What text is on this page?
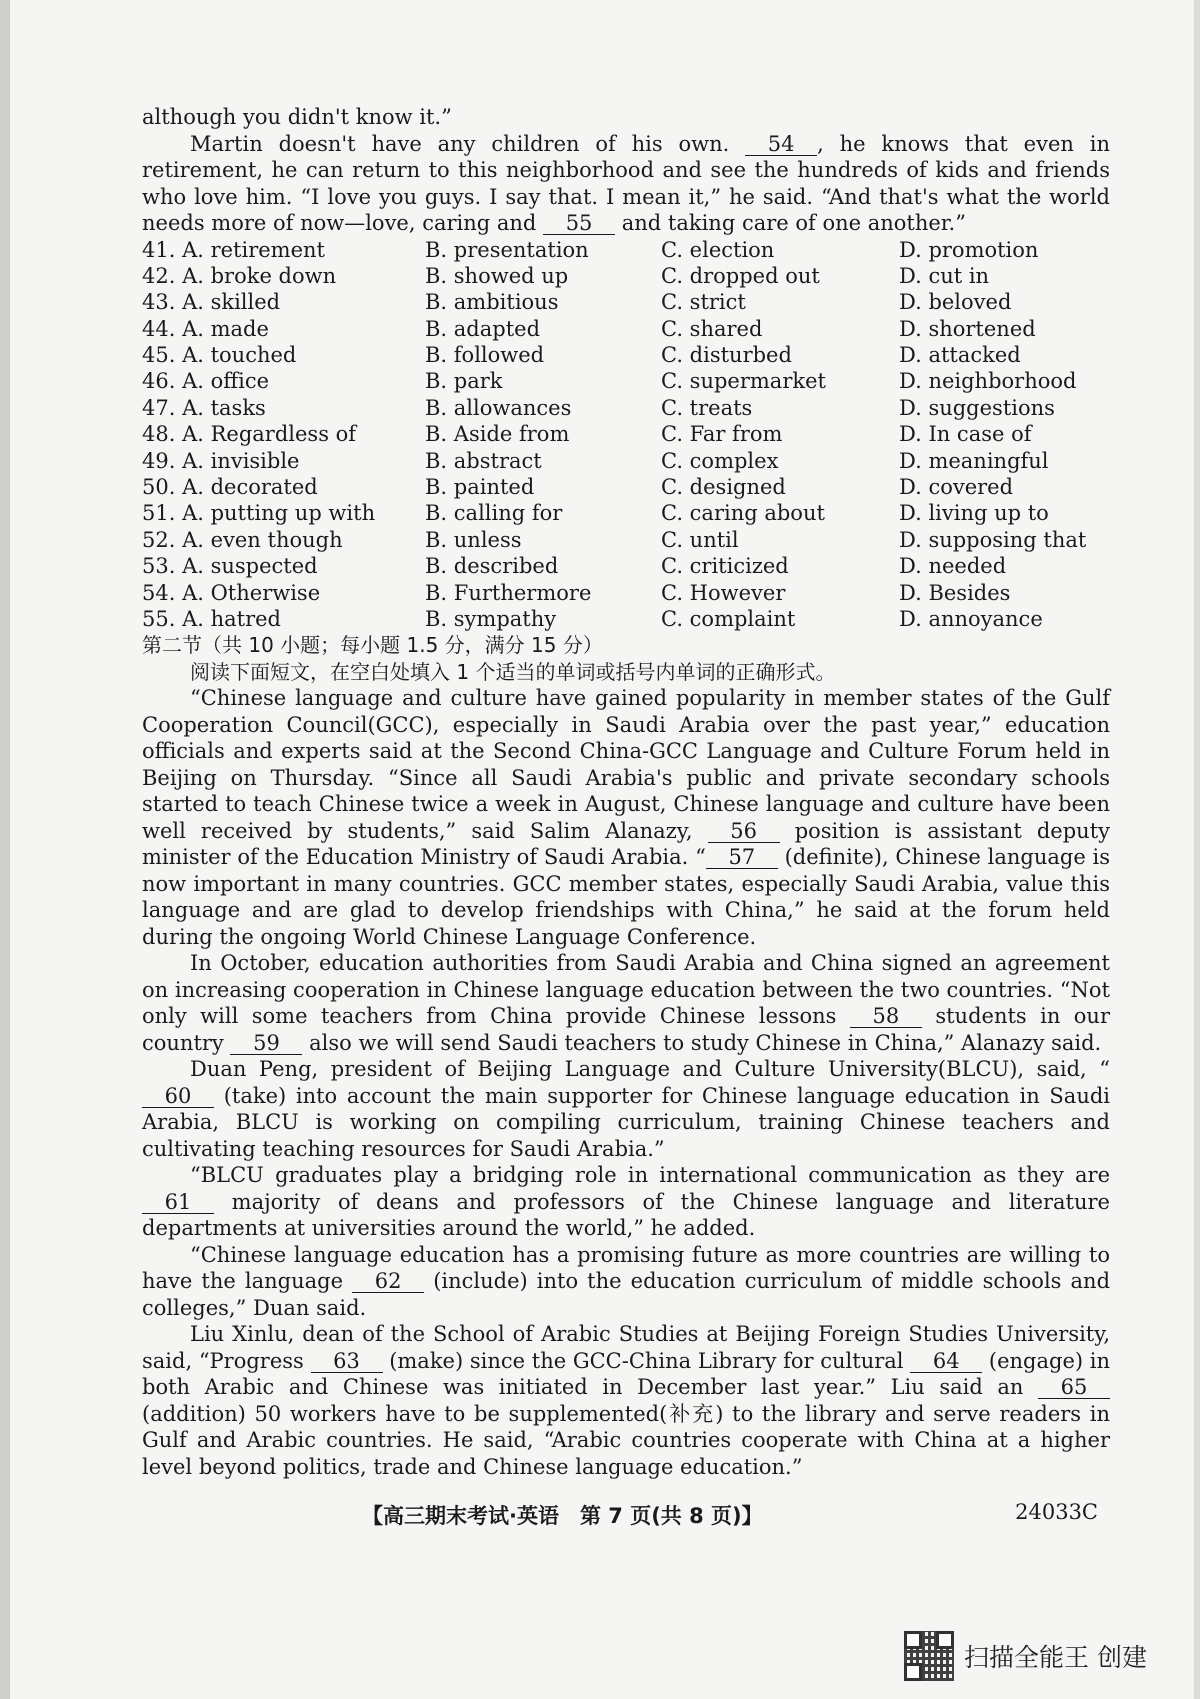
although you didn't know it.”

Martin doesn't have any children of his own. 54 , he knows that even in retirement, he can return to this neighborhood and see the hundreds of kids and friends who love him. “I love you guys. I say that. I mean it,” he said. “And that's what the world needs more of now—love, caring and 55 and taking care of one another.”

41. A. retirement	B. presentation	C. election	D. promotion
42. A. broke down	B. showed up	C. dropped out	D. cut in
43. A. skilled	B. ambitious	C. strict	D. beloved
44. A. made	B. adapted	C. shared	D. shortened
45. A. touched	B. followed	C. disturbed	D. attacked
46. A. office	B. park	C. supermarket	D. neighborhood
47. A. tasks	B. allowances	C. treats	D. suggestions
48. A. Regardless of	B. Aside from	C. Far from	D. In case of
49. A. invisible	B. abstract	C. complex	D. meaningful
50. A. decorated	B. painted	C. designed	D. covered
51. A. putting up with	B. calling for	C. caring about	D. living up to
52. A. even though	B. unless	C. until	D. supposing that
53. A. suspected	B. described	C. criticized	D. needed
54. A. Otherwise	B. Furthermore	C. However	D. Besides
55. A. hatred	B. sympathy	C. complaint	D. annoyance

第二节（共 10 小题；每小题 1.5 分，满分 15 分）

阅读下面短文，在空白处填入 1 个适当的单词或括号内单词的正确形式。

“Chinese language and culture have gained popularity in member states of the Gulf Cooperation Council(GCC), especially in Saudi Arabia over the past year,” education officials and experts said at the Second China-GCC Language and Culture Forum held in Beijing on Thursday. “Since all Saudi Arabia's public and private secondary schools started to teach Chinese twice a week in August, Chinese language and culture have been well received by students,” said Salim Alanazy, 56 position is assistant deputy minister of the Education Ministry of Saudi Arabia. “ 57 (definite), Chinese language is now important in many countries. GCC member states, especially Saudi Arabia, value this language and are glad to develop friendships with China,” he said at the forum held during the ongoing World Chinese Language Conference.

In October, education authorities from Saudi Arabia and China signed an agreement on increasing cooperation in Chinese language education between the two countries. “Not only will some teachers from China provide Chinese lessons 58 students in our country 59 also we will send Saudi teachers to study Chinese in China,” Alanazy said.

Duan Peng, president of Beijing Language and Culture University(BLCU), said, “60 (take) into account the main supporter for Chinese language education in Saudi Arabia, BLCU is working on compiling curriculum, training Chinese teachers and cultivating teaching resources for Saudi Arabia.”

“BLCU graduates play a bridging role in international communication as they are 61 majority of deans and professors of the Chinese language and literature departments at universities around the world,” he added.

“Chinese language education has a promising future as more countries are willing to have the language 62 (include) into the education curriculum of middle schools and colleges,” Duan said.

Liu Xinlu, dean of the School of Arabic Studies at Beijing Foreign Studies University, said, “Progress 63 (make) since the GCC-China Library for cultural 64 (engage) in both Arabic and Chinese was initiated in December last year.” Liu said an 65 (addition) 50 workers have to be supplemented(补充) to the library and serve readers in Gulf and Arabic countries. He said, “Arabic countries cooperate with China at a higher level beyond politics, trade and Chinese language education.”

【高三期末考试·英语　第 7 页(共 8 页)】	24033C
扫描全能王 创建
